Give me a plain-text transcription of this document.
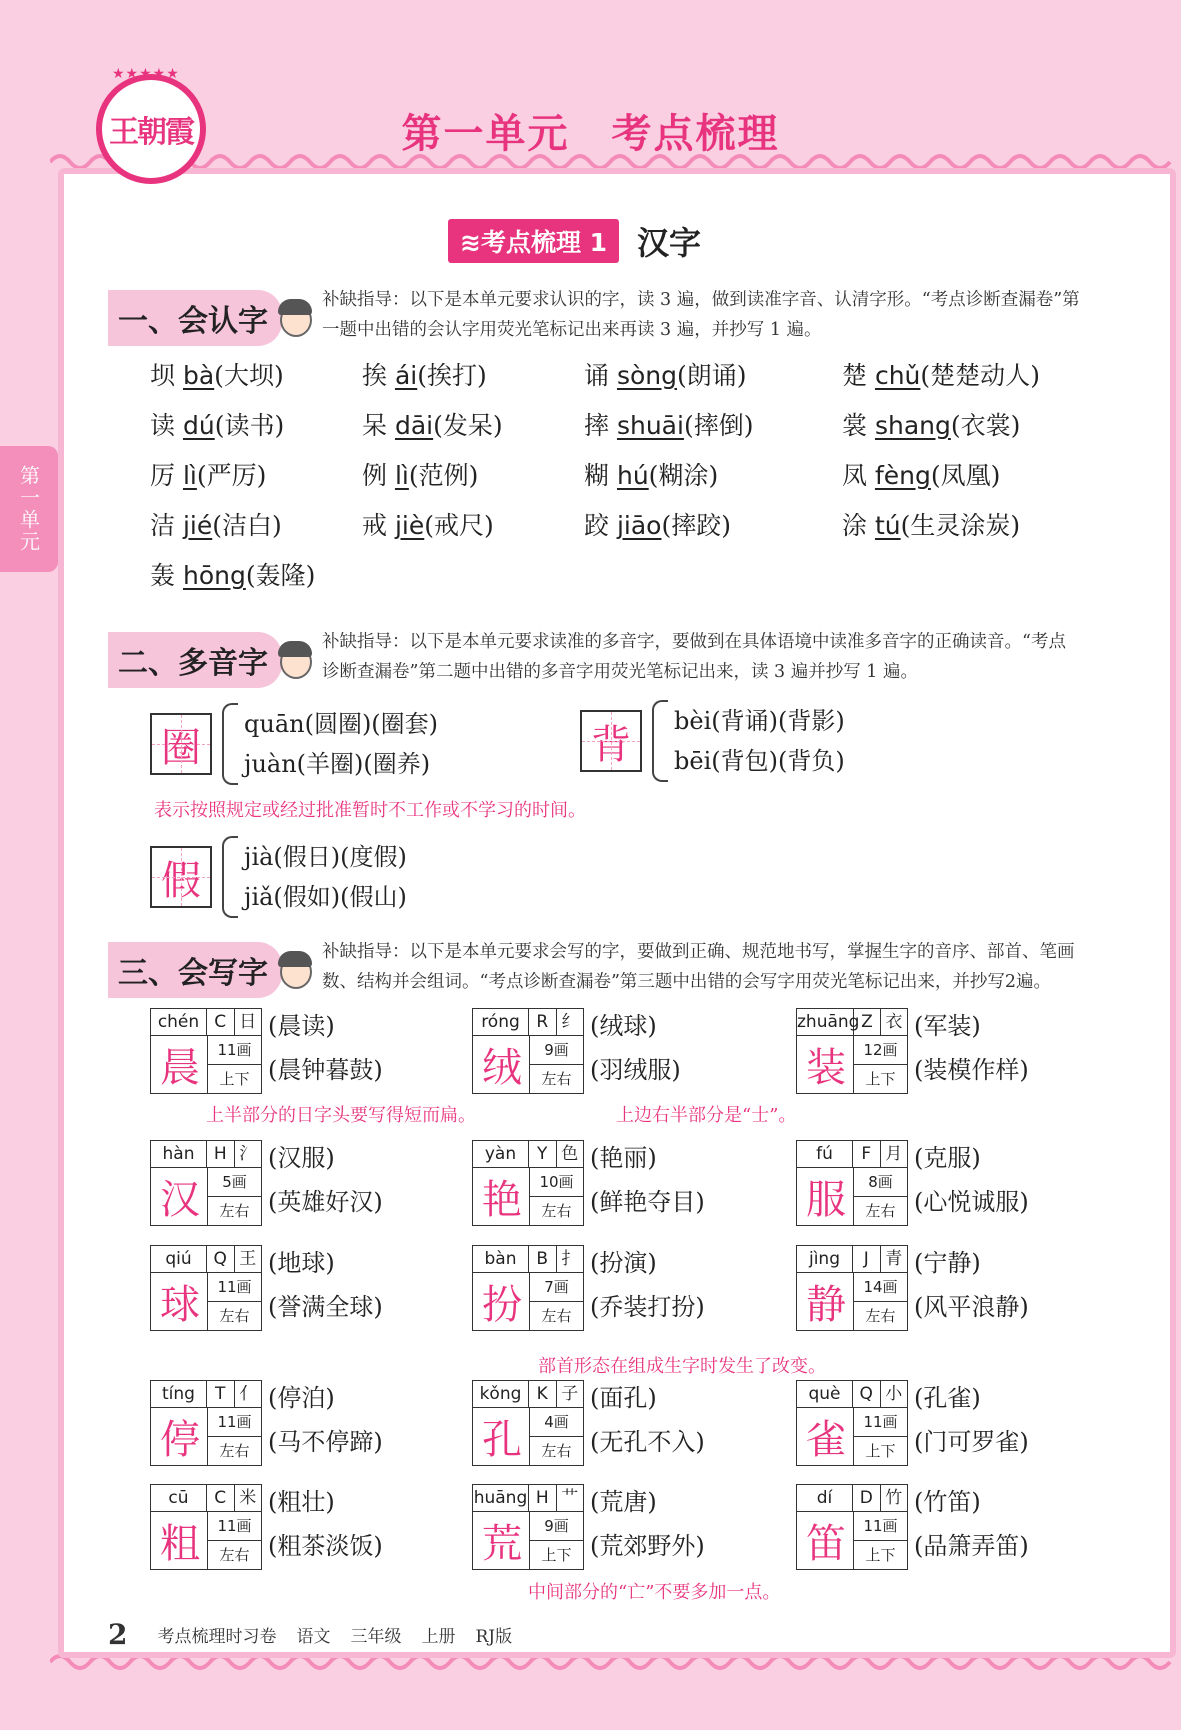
★★★★★
王朝霞	第一单元　考点梳理
≋考点梳理 1 汉字
第一单元
一、会认字
补缺指导：以下是本单元要求认识的字，读 3 遍，做到读准字音、认清字形。“考点诊断查漏卷”第一题中出错的会认字用荧光笔标记出来再读 3 遍，并抄写 1 遍。
坝 bà(大坝)	挨 ái(挨打)	诵 sòng(朗诵)	楚 chǔ(楚楚动人)
读 dú(读书)	呆 dāi(发呆)	摔 shuāi(摔倒)	裳 shang(衣裳)
厉 lì(严厉)	例 lì(范例)	糊 hú(糊涂)	凤 fèng(凤凰)
洁 jié(洁白)	戒 jiè(戒尺)	跤 jiāo(摔跤)	涂 tú(生灵涂炭)
轰 hōng(轰隆)
二、多音字
补缺指导：以下是本单元要求读准的多音字，要做到在具体语境中读准多音字的正确读音。“考点诊断查漏卷”第二题中出错的多音字用荧光笔标记出来，读 3 遍并抄写 1 遍。
圈
quān(圆圈)(圈套)
juàn(羊圈)(圈养)	背
bèi(背诵)(背影)
bēi(背包)(背负)
表示按照规定或经过批准暂时不工作或不学习的时间。
假
jià(假日)(度假)
jiǎ(假如)(假山)
三、会写字
补缺指导：以下是本单元要求会写的字，要做到正确、规范地书写，掌握生字的音序、部首、笔画数、结构并会组词。“考点诊断查漏卷”第三题中出错的会写字用荧光笔标记出来，并抄写2遍。
chén C 日
晨	11画
上下
(晨读)
(晨钟暮鼓)
róng R 纟
绒	9画
左右
(绒球)
(羽绒服)
zhuāng Z 衣
装	12画
上下
(军装)
(装模作样)
hàn	H 氵
汉	5画
左右
(汉服)
(英雄好汉)
yàn	Y 色
艳	10画
左右
(艳丽)
(鲜艳夺目)
fú	F 月
服	8画
左右
(克服)
(心悦诚服)
qiú	Q 王
球	11画
左右
(地球)
(誉满全球)
bàn	B 扌
扮	7画
左右
(扮演)
(乔装打扮)
jìng	J 青
静	14画
左右
(宁静)
(风平浪静)
tíng	T 亻
停	11画
左右
(停泊)
(马不停蹄)
kǒng K 子
孔	4画
左右
(面孔)
(无孔不入)
què	Q 小
雀	11画
上下
(孔雀)
(门可罗雀)
cū	C 米
粗	11画
左右
(粗壮)
(粗茶淡饭)
huāng H 艹
荒	9画
上下
(荒唐)
(荒郊野外)
dí	D 竹
笛	11画
上下
(竹笛)
(品箫弄笛)
上半部分的日字头要写得短而扁。	上边右半部分是“士”。
部首形态在组成生字时发生了改变。
中间部分的“亡”不要多加一点。
2 考点梳理时习卷 语文 三年级 上册 RJ版
